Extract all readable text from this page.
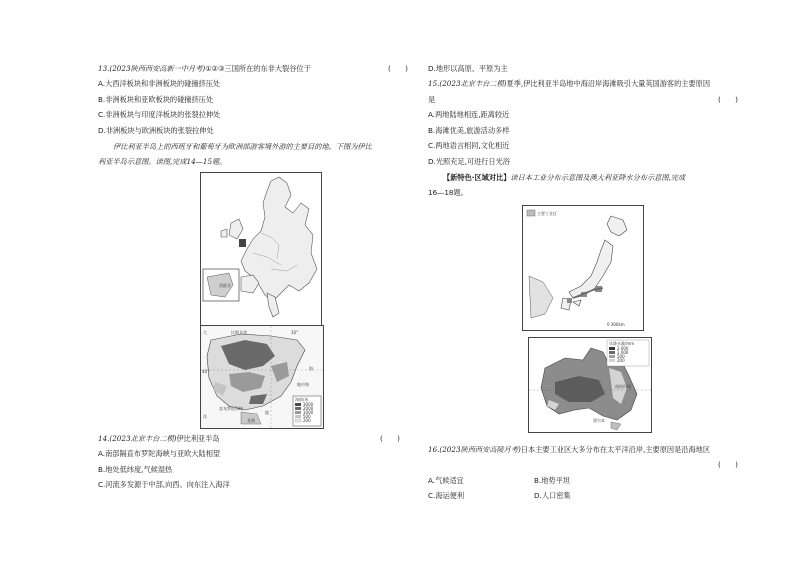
13.(2023陕西西安高新一中月考)①②③三国所在的东非大裂谷位于	(　　)
A.大西洋板块和非洲板块的碰撞挤压处
B.非洲板块和亚欧板块的碰撞挤压处
C.非洲板块与印度洋板块的张裂拉伸处
D.非洲板块与欧洲板块的张裂拉伸处
伊比利亚半岛上的西班牙和葡萄牙为欧洲部游客境外游的主要目的地。下图为伊比
利亚半岛示意图。读图,完成14—15题。
西班牙
大	比斯开湾	10°
40°
地中海
洋
直布罗陀海峡
非洲
地
海
海拔/米
3000
2000
1000
500
200
14.(2023北京丰台二模)伊比利亚半岛	(　　)
A.南部隔直布罗陀海峡与亚欧大陆相望
B.地处低纬度,气候湿热
C.河流多发源于中部,向西、向东注入海洋
D.地形以高原、平原为主
15.(2023北京丰台二模)夏季,伊比利亚半岛地中海沿岸海滩吸引大量英国游客的主要原因
是	(　　)
A.两地陆地相连,距离较近
B.海滩优美,旅游活动多样
C.两地语言相同,文化相近
D.光照充足,可进行日光浴
【新特色·区域对比】读日本工业分布示意图及澳大利亚降水分布示意图,完成
16—18题。
主要工业区
0 300km
南回归线
墨尔本
年降水量/mm
2 000
1 000
500
200
16.(2023陕西西安高陵月考)日本主要工业区大多分布在太平洋沿岸,主要原因是沿海地区
(　　)
A.气候适宜	B.地势平坦
C.海运便利	D.人口密集
